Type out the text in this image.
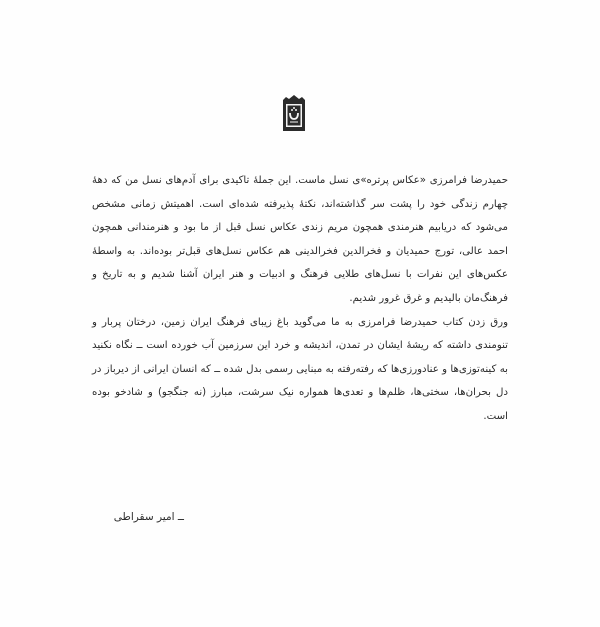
حمیدرضا فرامرزی «عکاس پرتره»ی نسل ماست. این جملهٔ تاکیدی برای آدم‌های نسل من که دههٔ چهارم زندگی خود را پشت سر گذاشته‌اند، نکتهٔ پذیرفته شده‌ای است. اهمیتش زمانی مشخص می‌شود که دریابیم هنرمندی همچون مریم زندی عکاس نسل قبل از ما بود و هنرمندانی همچون احمد عالی، تورج حمیدیان و فخرالدین فخرالدینی هم عکاس نسل‌های قبل‌تر بوده‌اند. به واسطهٔ عکس‌های این نفرات با نسل‌های طلایی فرهنگ و ادبیات و هنر ایران آشنا شدیم و به تاریخ و فرهنگ‌مان بالیدیم و غرق غرور شدیم.

ورق زدن کتاب حمیدرضا فرامرزی به ما می‌گوید باغ زیبای فرهنگ ایران زمین، درختان پربار و تنومندی داشته که ریشهٔ ایشان در تمدن، اندیشه و خرد این سرزمین آب خورده است ــ نگاه نکنید به کینه‌توزی‌ها و عنادورزی‌ها که رفته‌رفته به مبنایی رسمی بدل شده ــ که انسان ایرانی از دیرباز در دل بحران‌ها، سختی‌ها، ظلم‌ها و تعدی‌ها همواره نیک سرشت، مبارز (نه جنگجو) و شادخو بوده است.

ــ امیر سقراطی
